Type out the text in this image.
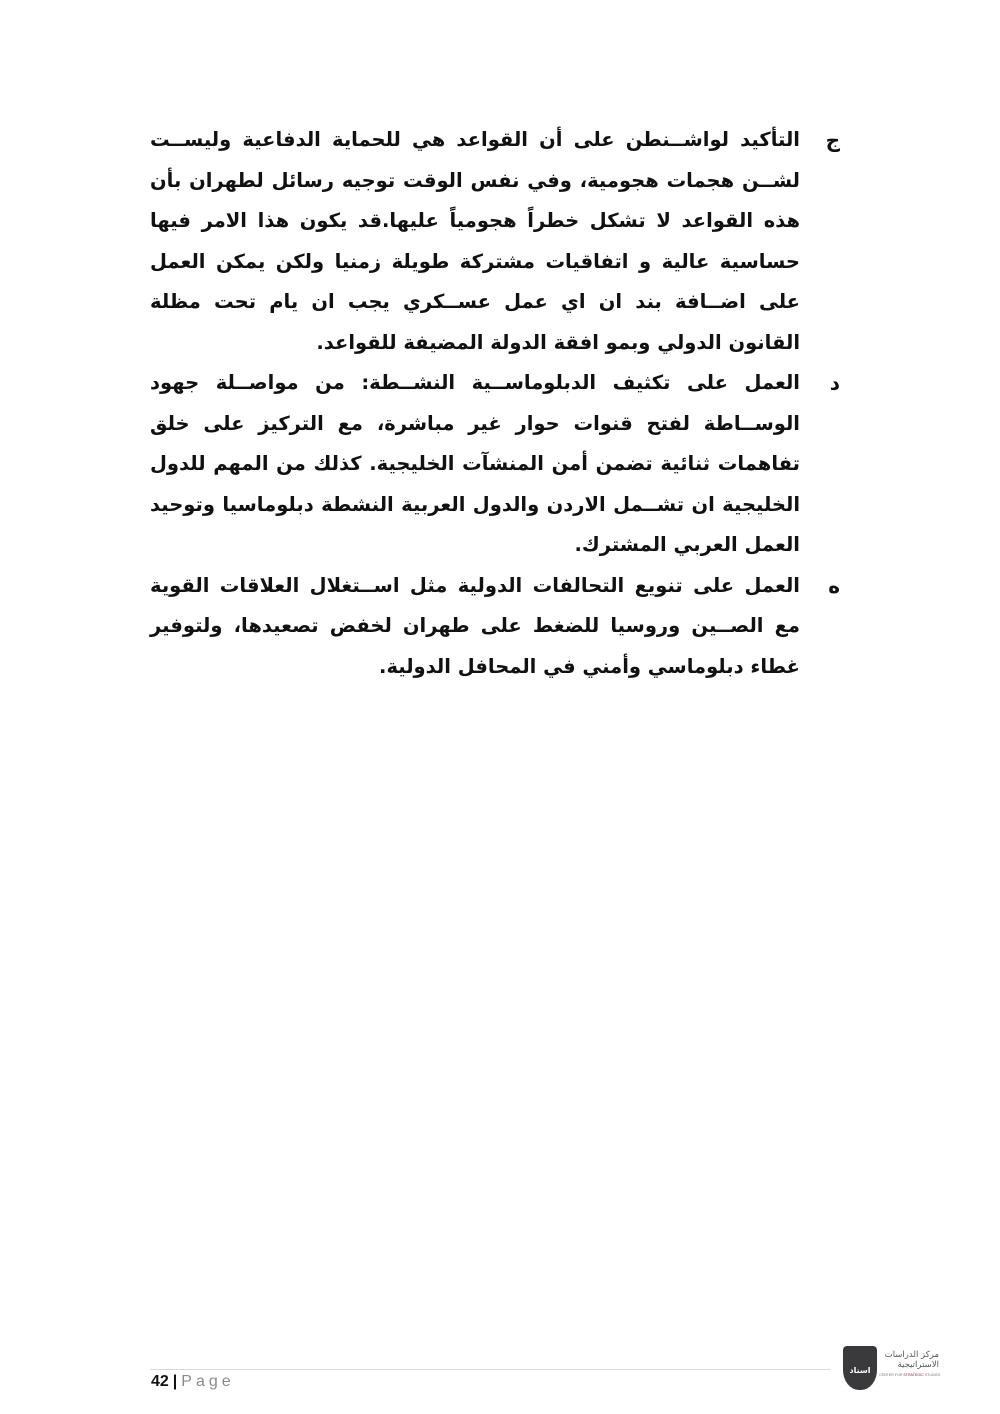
ج
التأكيد لواشــنطن على أن القواعد هي للحماية الدفاعية وليســت لشــن هجمات هجومية، وفي نفس الوقت توجيه رسائل لطهران بأن هذه القواعد لا تشكل خطراً هجومياً عليها.قد يكون هذا الامر فيها حساسية عالية و اتفاقيات مشتركة طويلة زمنيا ولكن يمكن العمل على اضــافة بند ان اي عمل عســكري يجب ان يام تحت مظلة القانون الدولي وبمو افقة الدولة المضيفة للقواعد.
د
العمل على تكثيف الدبلوماســية النشــطة: من مواصــلة جهود الوســاطة لفتح قنوات حوار غير مباشرة، مع التركيز على خلق تفاهمات ثنائية تضمن أمن المنشآت الخليجية. كذلك من المهم للدول الخليجية ان تشــمل الاردن والدول العربية النشطة دبلوماسيا وتوحيد العمل العربي المشترك.
ه
العمل على تنويع التحالفات الدولية مثل اســتغلال العلاقات القوية مع الصــين وروسيا للضغط على طهران لخفض تصعيدها، ولتوفير غطاء دبلوماسي وأمني في المحافل الدولية.
42 | Page
اسناد
مركز الدراسات
الاستراتيجية
CENTER FOR STRATEGIC STUDIES
